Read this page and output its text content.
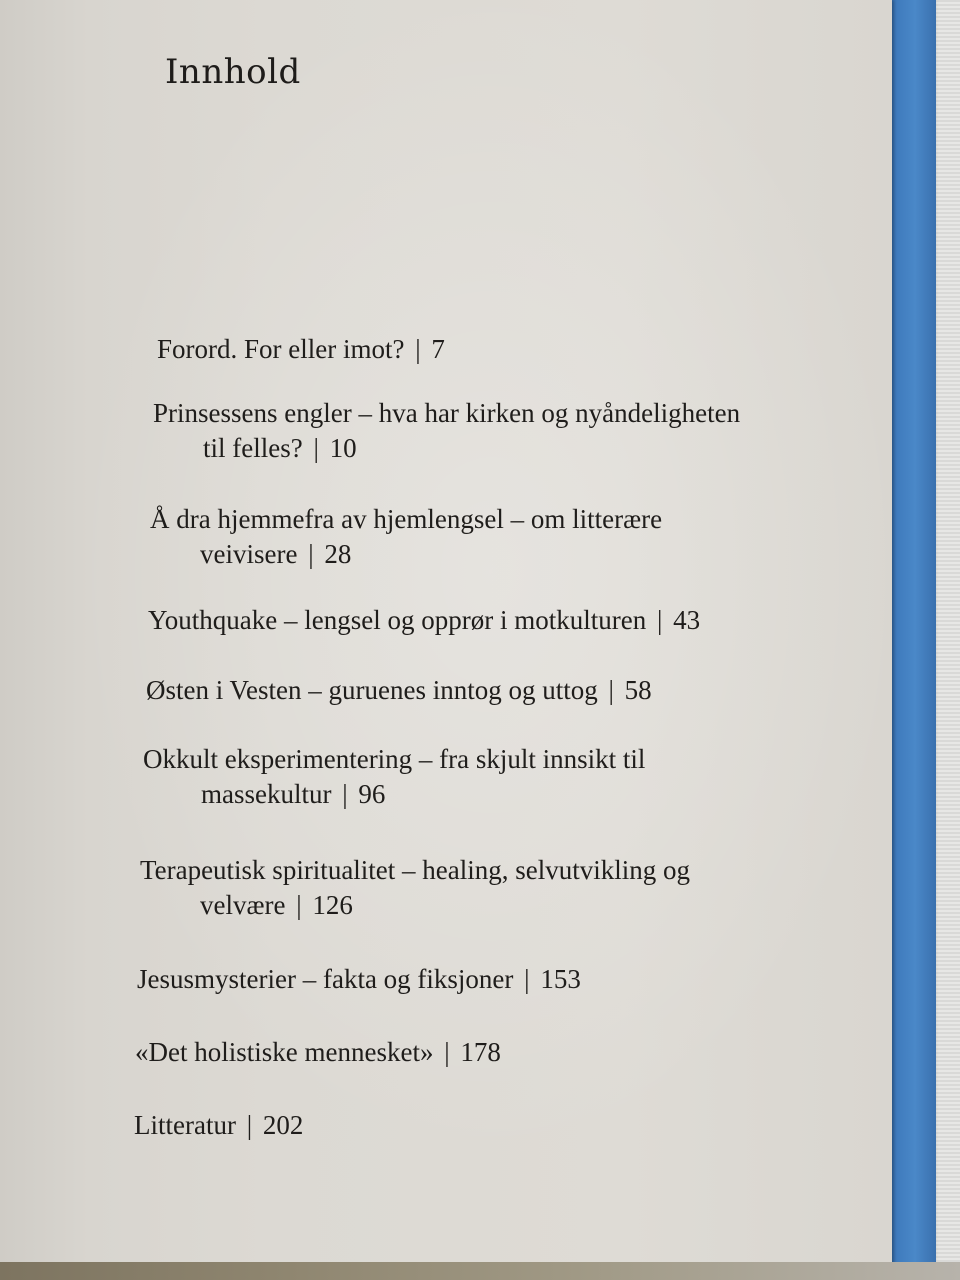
Innhold
Forord. For eller imot? | 7
Prinsessens engler – hva har kirken og nyåndeligheten
til felles? | 10
Å dra hjemmefra av hjemlengsel – om litterære
veivisere | 28
Youthquake – lengsel og opprør i motkulturen | 43
Østen i Vesten – guruenes inntog og uttog | 58
Okkult eksperimentering – fra skjult innsikt til
massekultur | 96
Terapeutisk spiritualitet – healing, selvutvikling og
velvære | 126
Jesusmysterier – fakta og fiksjoner | 153
«Det holistiske mennesket» | 178
Litteratur | 202
